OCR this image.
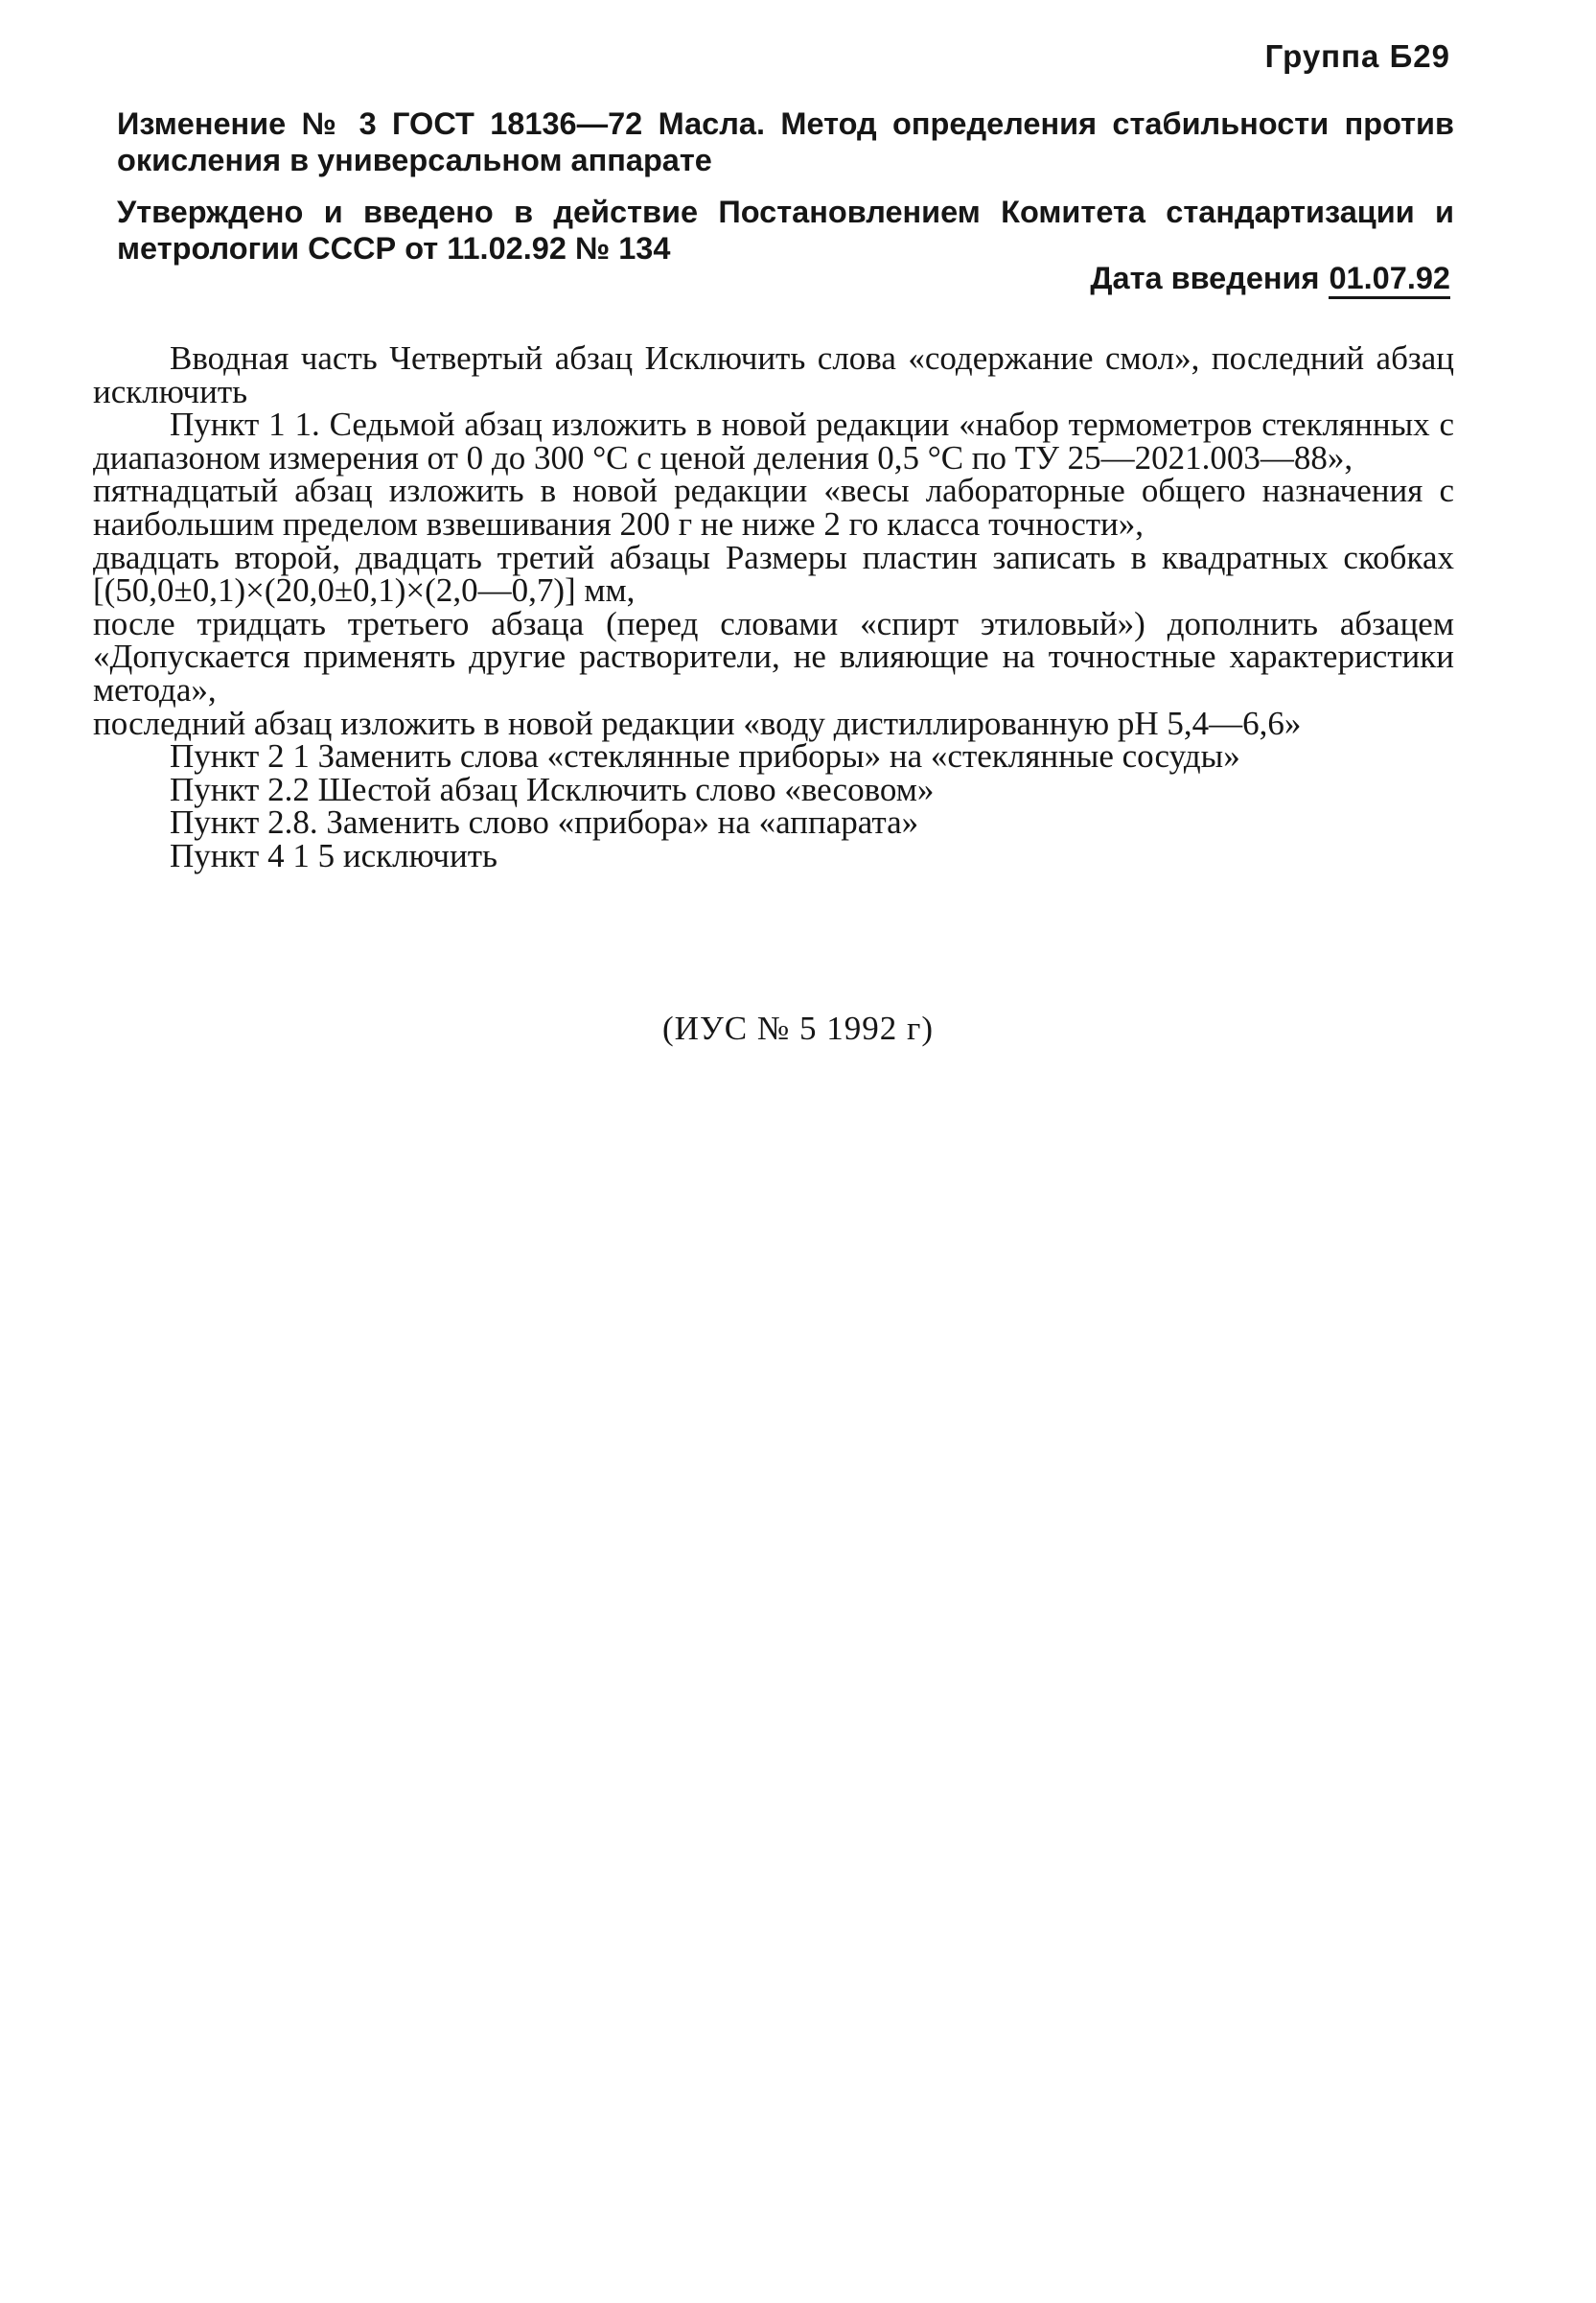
Группа Б29
Изменение № 3 ГОСТ 18136—72 Масла. Метод определения стабильности против окисления в универсальном аппарате
Утверждено и введено в действие Постановлением Комитета стандартизации и метрологии СССР от 11.02.92 № 134
Дата введения 01.07.92

Вводная часть Четвертый абзац Исключить слова «содержание смол», последний абзац исключить

Пункт 1 1. Седьмой абзац изложить в новой редакции «набор термометров стеклянных с диапазоном измерения от 0 до 300 °С с ценой деления 0,5 °С по ТУ 25—2021.003—88»,

пятнадцатый абзац изложить в новой редакции «весы лабораторные общего назначения с наибольшим пределом взвешивания 200 г не ниже 2 го класса точности»,

двадцать второй, двадцать третий абзацы Размеры пластин записать в квадратных скобках [(50,0±0,1)×(20,0±0,1)×(2,0—0,7)] мм,

после тридцать третьего абзаца (перед словами «спирт этиловый») дополнить абзацем «Допускается применять другие растворители, не влияющие на точностные характеристики метода»,

последний абзац изложить в новой редакции «воду дистиллированную pH 5,4—6,6»

Пункт 2 1 Заменить слова «стеклянные приборы» на «стеклянные сосуды»

Пункт 2.2 Шестой абзац Исключить слово «весовом»

Пункт 2.8. Заменить слово «прибора» на «аппарата»

Пункт 4 1 5 исключить

(ИУС № 5 1992 г)
